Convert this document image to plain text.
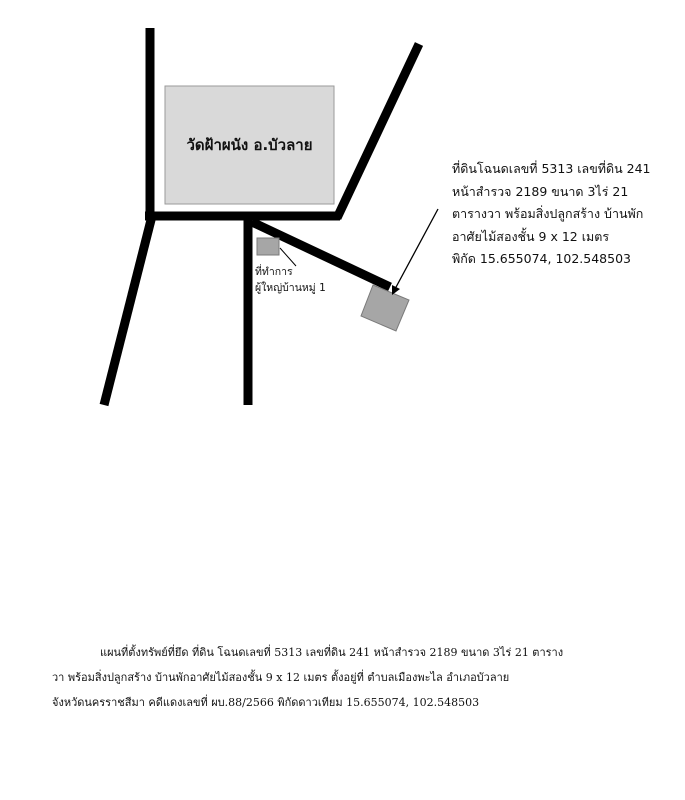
วัดฝ้าผนัง อ.บัวลาย
ที่ทำการ
ผู้ใหญ่บ้านหมู่ 1
ที่ดินโฉนดเลขที่ 5313 เลขที่ดิน 241
หน้าสำรวจ 2189 ขนาด 3ไร่ 21
ตารางวา พร้อมสิ่งปลูกสร้าง บ้านพัก
อาศัยไม้สองชั้น 9 x 12 เมตร
พิกัด 15.655074, 102.548503
แผนที่ตั้งทรัพย์ที่ยึด ที่ดิน โฉนดเลขที่ 5313 เลขที่ดิน 241 หน้าสำรวจ 2189 ขนาด 3ไร่ 21 ตาราง
วา พร้อมสิ่งปลูกสร้าง บ้านพักอาศัยไม้สองชั้น 9 x 12 เมตร ตั้งอยู่ที่ ตำบลเมืองพะไล อำเภอบัวลาย
จังหวัดนครราชสีมา คดีแดงเลขที่ ผบ.88/2566 พิกัดดาวเทียม 15.655074, 102.548503
